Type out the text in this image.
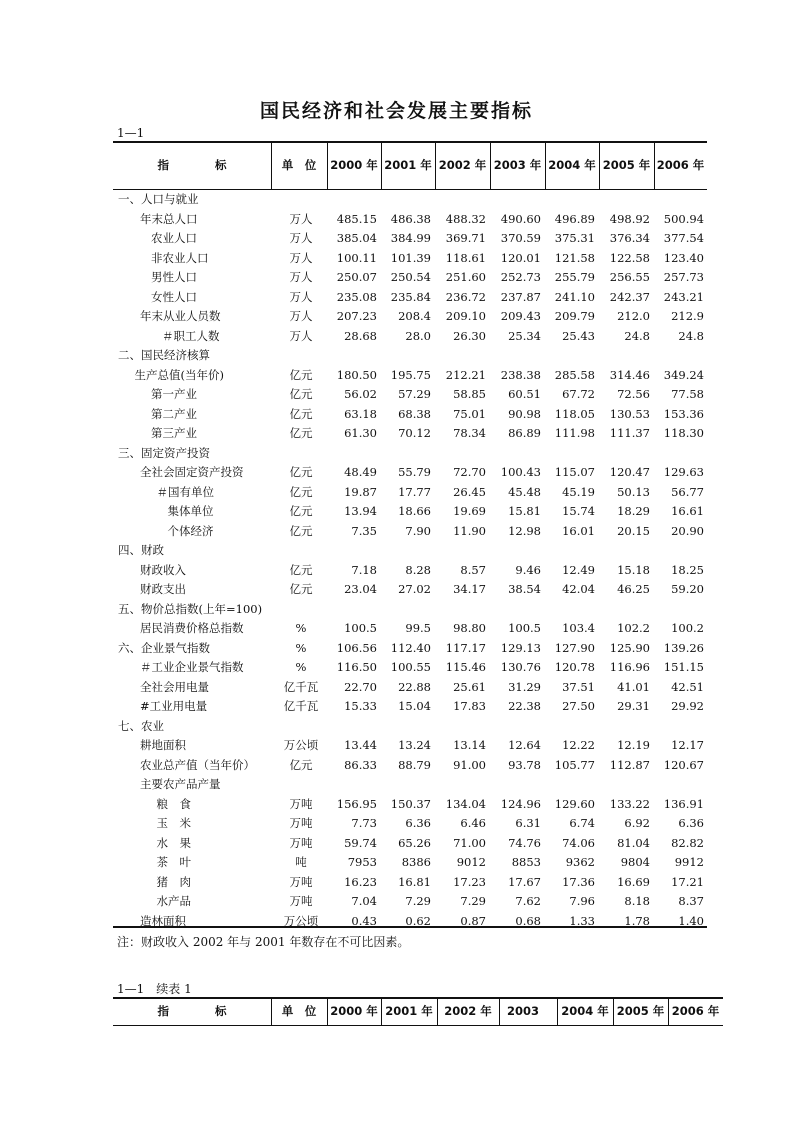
国民经济和社会发展主要指标
1—1
指　　　　标	单　位	2000 年 2001 年 2002 年 2003 年 2004 年 2005 年 2006 年
一、人口与就业
年末总人口	万人	485.15	486.38	488.32	490.60	496.89	498.92	500.94
农业人口	万人	385.04	384.99	369.71	370.59	375.31	376.34	377.54
非农业人口	万人	100.11	101.39	118.61	120.01	121.58	122.58	123.40
男性人口	万人	250.07	250.54	251.60	252.73	255.79	256.55	257.73
女性人口	万人	235.08	235.84	236.72	237.87	241.10	242.37	243.21
年末从业人员数	万人	207.23	208.4	209.10	209.43	209.79	212.0	212.9
＃职工人数	万人	28.68	28.0	26.30	25.34	25.43	24.8	24.8
二、国民经济核算
生产总值(当年价)	亿元	180.50	195.75	212.21	238.38	285.58	314.46	349.24
第一产业	亿元	56.02	57.29	58.85	60.51	67.72	72.56	77.58
第二产业	亿元	63.18	68.38	75.01	90.98	118.05	130.53	153.36
第三产业	亿元	61.30	70.12	78.34	86.89	111.98	111.37	118.30
三、固定资产投资
全社会固定资产投资	亿元	48.49	55.79	72.70	100.43	115.07	120.47	129.63
＃国有单位	亿元	19.87	17.77	26.45	45.48	45.19	50.13	56.77
集体单位	亿元	13.94	18.66	19.69	15.81	15.74	18.29	16.61
个体经济	亿元	7.35	7.90	11.90	12.98	16.01	20.15	20.90
四、财政
财政收入	亿元	7.18	8.28	8.57	9.46	12.49	15.18	18.25
财政支出	亿元	23.04	27.02	34.17	38.54	42.04	46.25	59.20
五、物价总指数(上年=100)
居民消费价格总指数	%	100.5	99.5	98.80	100.5	103.4	102.2	100.2
六、企业景气指数	%	106.56	112.40	117.17	129.13	127.90	125.90	139.26
＃工业企业景气指数	%	116.50	100.55	115.46	130.76	120.78	116.96	151.15
全社会用电量	亿千瓦	22.70	22.88	25.61	31.29	37.51	41.01	42.51
#工业用电量	亿千瓦	15.33	15.04	17.83	22.38	27.50	29.31	29.92
七、农业
耕地面积	万公顷	13.44	13.24	13.14	12.64	12.22	12.19	12.17
农业总产值（当年价）	亿元	86.33	88.79	91.00	93.78	105.77	112.87	120.67
主要农产品产量
粮　食	万吨	156.95	150.37	134.04	124.96	129.60	133.22	136.91
玉　米	万吨	7.73	6.36	6.46	6.31	6.74	6.92	6.36
水　果	万吨	59.74	65.26	71.00	74.76	74.06	81.04	82.82
茶　叶	吨	7953	8386	9012	8853	9362	9804	9912
猪　肉	万吨	16.23	16.81	17.23	17.67	17.36	16.69	17.21
水产品	万吨	7.04	7.29	7.29	7.62	7.96	8.18	8.37
造林面积	万公顷	0.43	0.62	0.87	0.68	1.33	1.78	1.40
注：财政收入 2002 年与 2001 年数存在不可比因素。
1—1　续表 1
指　　　　标	单　位	2000 年 2001 年 2002 年	2003	2004 年 2005 年 2006 年
